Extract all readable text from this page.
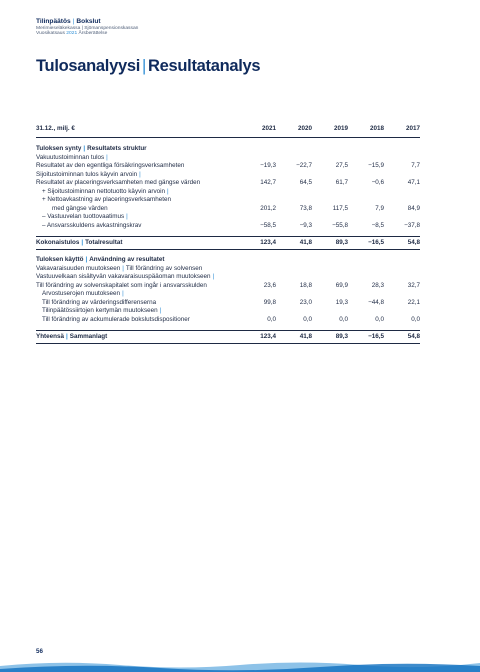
Tilinpäätös | Bokslut
Merimieseläkekassa | Sjömanspensionskassan
Vuosikatsaus 2021 Årsberättelse
Tulosanalyysi | Resultatanalys
31.12., milj. €	2021	2020	2019	2018	2017
Tuloksen synty | Resultatets struktur
Vakuutustoiminnan tulos |
Resultatet av den egentliga försäkringsverksamheten	−19,3	−22,7	27,5	−15,9	7,7
Sijoitustoiminnan tulos käyvin arvoin |
Resultatet av placeringsverksamheten med gängse värden	142,7	64,5	61,7	−0,6	47,1
+ Sijoitustoiminnan nettotuotto käyvin arvoin |
+ Nettoavkastning av placeringsverksamheten
med gängse värden	201,2	73,8	117,5	7,9	84,9
– Vastuuvelan tuottovaatimus |
– Ansvarsskuldens avkastningskrav	−58,5	−9,3	−55,8	−8,5	−37,8
Kokonaistulos | Totalresultat	123,4	41,8	89,3	−16,5	54,8
Tuloksen käyttö | Användning av resultatet
Vakavaraisuuden muutokseen | Till förändring av solvensen
Vastuuvelkaan sisältyvän vakavaraisuuspääoman muutokseen |
Till förändring av solvenskapitalet som ingår i ansvarsskulden	23,6	18,8	69,9	28,3	32,7
Arvostuserojen muutokseen |
Till förändring av värderingsdifferenserna	99,8	23,0	19,3	−44,8	22,1
Tilinpäätössiirtojen kertymän muutokseen |
Till förändring av ackumulerade bokslutsdispositioner	0,0	0,0	0,0	0,0	0,0
Yhteensä | Sammanlagt	123,4	41,8	89,3	−16,5	54,8
56
